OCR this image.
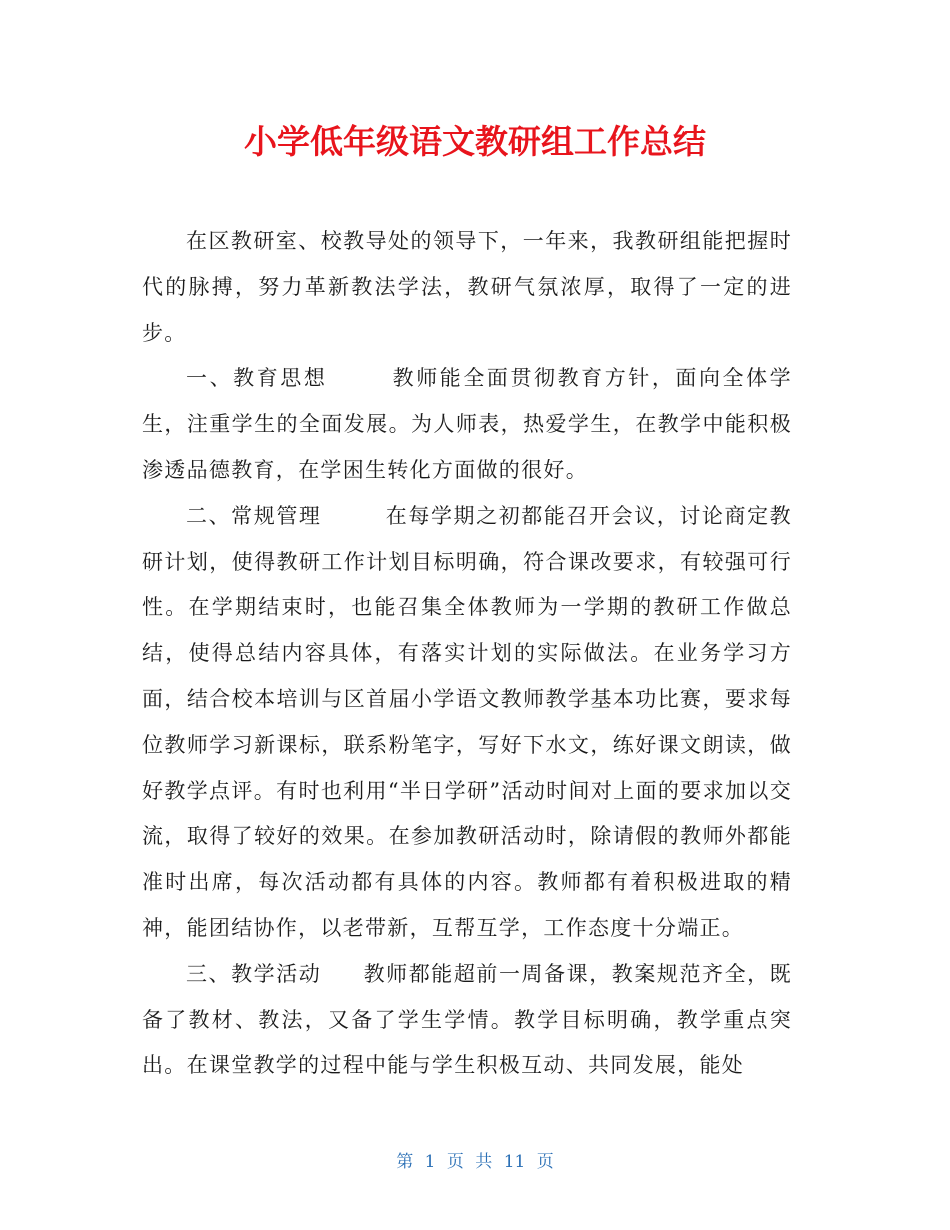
小学低年级语文教研组工作总结

在区教研室、校教导处的领导下，一年来，我教研组能把握时代的脉搏，努力革新教法学法，教研气氛浓厚，取得了一定的进步。

一、教育思想	教师能全面贯彻教育方针，面向全体学生，注重学生的全面发展。为人师表，热爱学生，在教学中能积极渗透品德教育，在学困生转化方面做的很好。

二、常规管理	在每学期之初都能召开会议，讨论商定教研计划，使得教研工作计划目标明确，符合课改要求，有较强可行性。在学期结束时，也能召集全体教师为一学期的教研工作做总结，使得总结内容具体，有落实计划的实际做法。在业务学习方面，结合校本培训与区首届小学语文教师教学基本功比赛，要求每位教师学习新课标，联系粉笔字，写好下水文，练好课文朗读，做好教学点评。有时也利用“半日学研”活动时间对上面的要求加以交流，取得了较好的效果。在参加教研活动时，除请假的教师外都能准时出席，每次活动都有具体的内容。教师都有着积极进取的精神，能团结协作，以老带新，互帮互学，工作态度十分端正。

三、教学活动 教师都能超前一周备课，教案规范齐全，既备了教材、教法，又备了学生学情。教学目标明确，教学重点突出。在课堂教学的过程中能与学生积极互动、共同发展，能处

第 1 页 共 11 页
